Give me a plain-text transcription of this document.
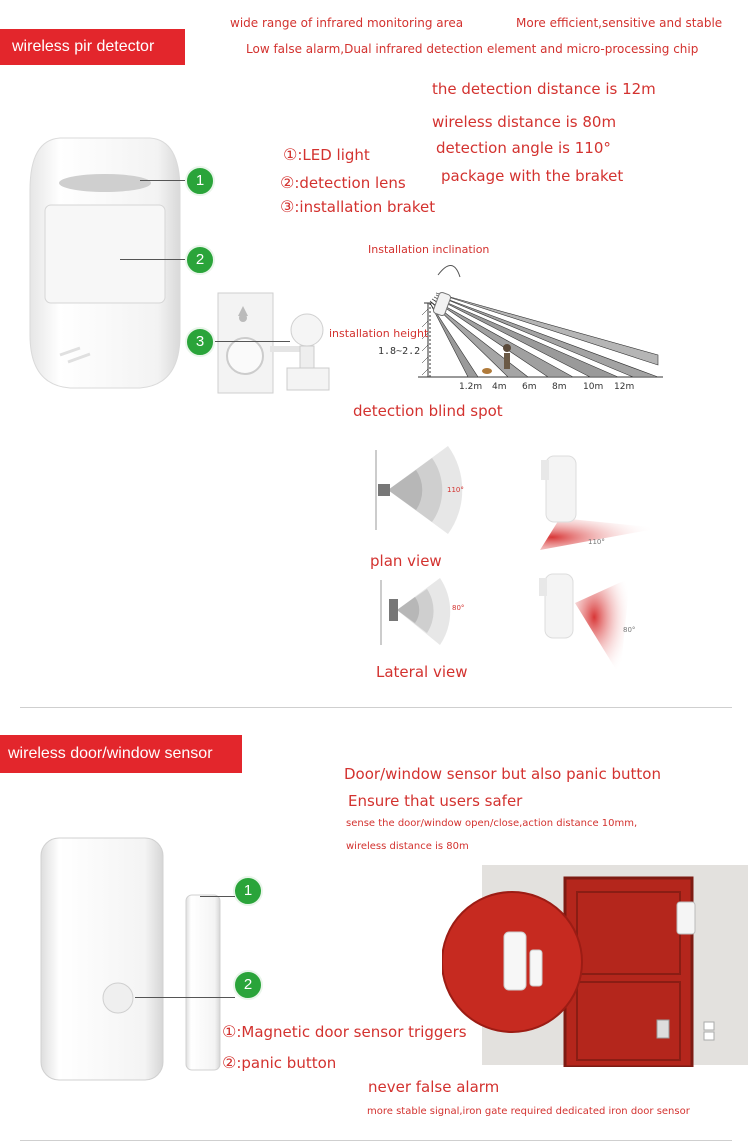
wireless pir detector
wide range of infrared monitoring area	More efficient,sensitive and stable
Low false alarm,Dual infrared detection element and micro-processing chip
the detection distance is 12m
wireless distance is 80m
detection angle is 110°
package with the braket
1
2
3
①:LED light
②:detection lens
③:installation braket
Installation inclination
installation height
1.8~2.2
1.2m 4m 6m 8m 10m 12m
detection blind spot
110°
110°
plan view
80°
80°
Lateral view
wireless door/window sensor
Door/window sensor but also panic button
Ensure that users safer
sense the door/window open/close,action distance 10mm,
wireless distance is 80m
1
2
①:Magnetic door sensor triggers
②:panic button
never false alarm
more stable signal,iron gate required dedicated iron door sensor
